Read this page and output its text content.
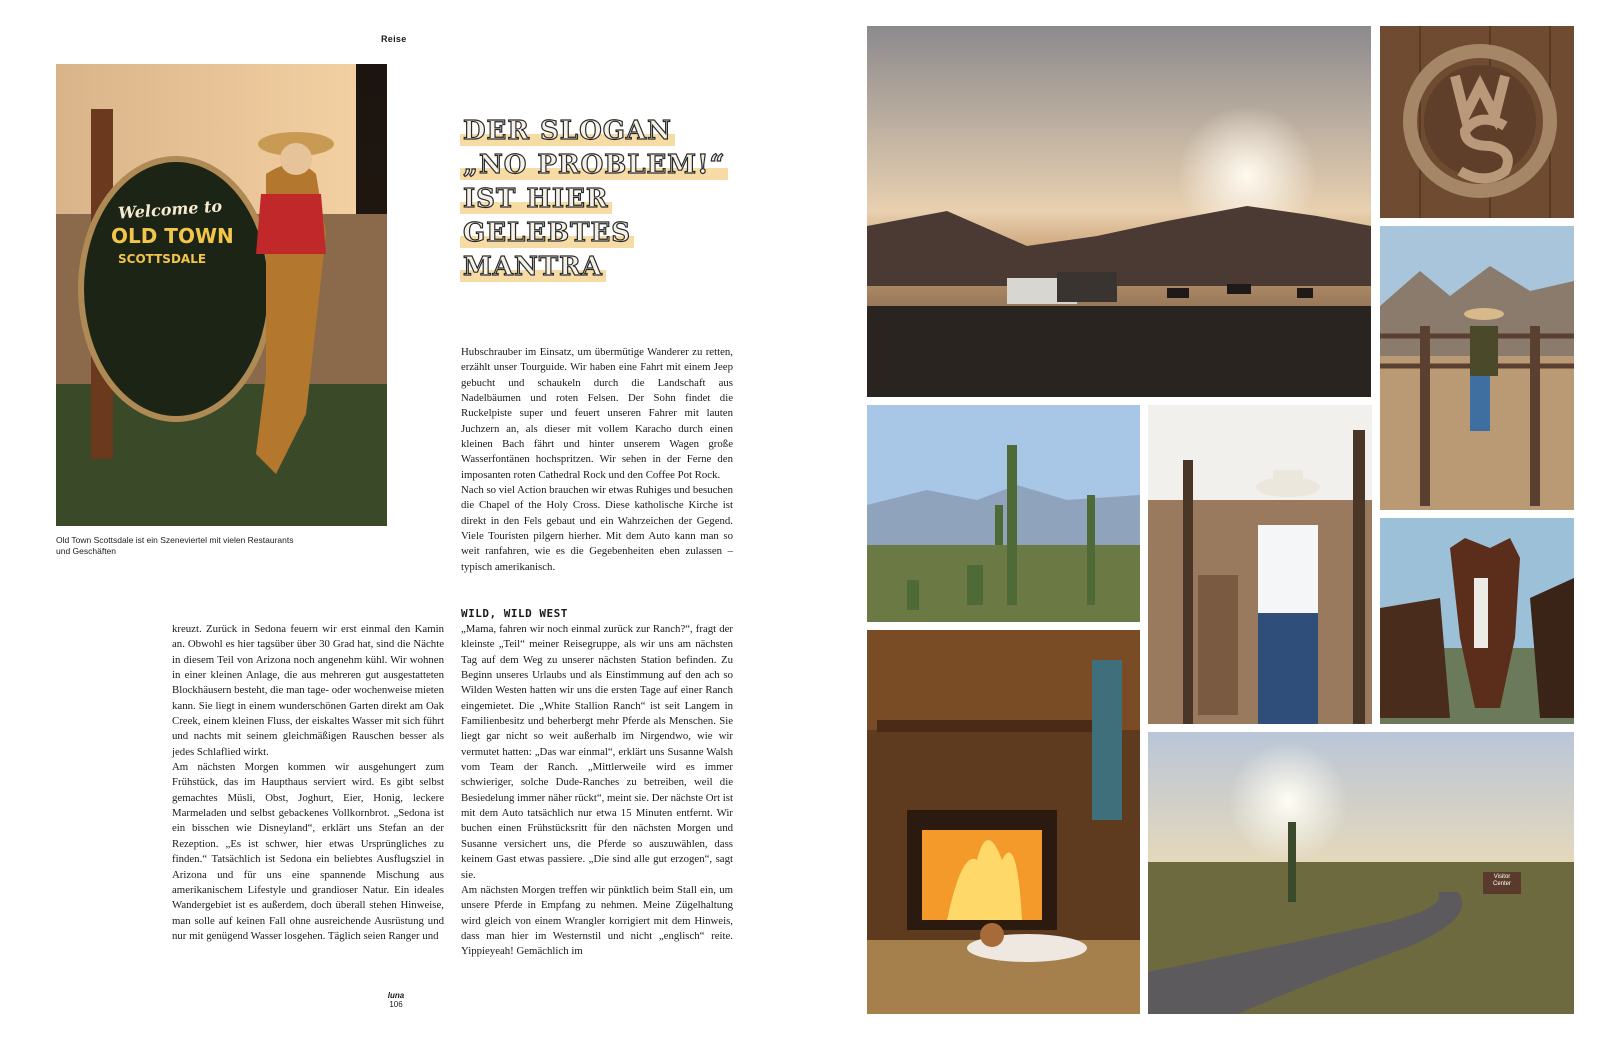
Reise
Welcome to
OLD TOWN
SCOTTSDALE
Old Town Scottsdale ist ein Szeneviertel mit vielen Restaurants und Geschäften
DER SLOGAN
„NO PROBLEM!“
IST HIER
GELEBTES
MANTRA

Hubschrauber im Einsatz, um übermütige Wanderer zu retten, erzählt unser Tourguide. Wir haben eine Fahrt mit einem Jeep gebucht und schaukeln durch die Landschaft aus Nadelbäumen und roten Felsen. Der Sohn findet die Ruckelpiste super und feuert unseren Fahrer mit lauten Juchzern an, als dieser mit vollem Karacho durch einen kleinen Bach fährt und hinter unserem Wagen große Wasserfontänen hochspritzen. Wir sehen in der Ferne den imposanten roten Cathedral Rock und den Coffee Pot Rock.

Nach so viel Action brauchen wir etwas Ruhiges und besuchen die Chapel of the Holy Cross. Diese katholische Kirche ist direkt in den Fels gebaut und ein Wahrzeichen der Gegend. Viele Touristen pilgern hierher. Mit dem Auto kann man so weit ranfahren, wie es die Gegebenheiten eben zulassen – typisch amerikanisch.

WILD, WILD WEST

„Mama, fahren wir noch einmal zurück zur Ranch?“, fragt der kleinste „Teil“ meiner Reisegruppe, als wir uns am nächsten Tag auf dem Weg zu unserer nächsten Station befinden. Zu Beginn unseres Urlaubs und als Einstimmung auf den ach so Wilden Westen hatten wir uns die ersten Tage auf einer Ranch eingemietet. Die „White Stallion Ranch“ ist seit Langem in Familienbesitz und beherbergt mehr Pferde als Menschen. Sie liegt gar nicht so weit außerhalb im Nirgendwo, wie wir vermutet hatten: „Das war einmal“, erklärt uns Susanne Walsh vom Team der Ranch. „Mittlerweile wird es immer schwieriger, solche Dude-Ranches zu betreiben, weil die Besiedelung immer näher rückt“, meint sie. Der nächste Ort ist mit dem Auto tatsächlich nur etwa 15 Minuten entfernt. Wir buchen einen Frühstücksritt für den nächsten Morgen und Susanne versichert uns, die Pferde so auszuwählen, dass keinem Gast etwas passiere. „Die sind alle gut erzogen“, sagt sie.

Am nächsten Morgen treffen wir pünktlich beim Stall ein, um unsere Pferde in Empfang zu nehmen. Meine Zügelhaltung wird gleich von einem Wrangler korrigiert mit dem Hinweis, dass man hier im Westernstil und nicht „englisch“ reite. Yippieyeah! Gemächlich im

kreuzt. Zurück in Sedona feuern wir erst einmal den Kamin an. Obwohl es hier tagsüber über 30 Grad hat, sind die Nächte in diesem Teil von Arizona noch angenehm kühl. Wir wohnen in einer kleinen Anlage, die aus mehreren gut ausgestatteten Blockhäusern besteht, die man tage- oder wochenweise mieten kann. Sie liegt in einem wunderschönen Garten direkt am Oak Creek, einem kleinen Fluss, der eiskaltes Wasser mit sich führt und nachts mit seinem gleichmäßigen Rauschen besser als jedes Schlaflied wirkt.

Am nächsten Morgen kommen wir ausgehungert zum Frühstück, das im Haupthaus serviert wird. Es gibt selbst gemachtes Müsli, Obst, Joghurt, Eier, Honig, leckere Marmeladen und selbst gebackenes Vollkornbrot. „Sedona ist ein bisschen wie Disneyland“, erklärt uns Stefan an der Rezeption. „Es ist schwer, hier etwas Ursprüngliches zu finden.“ Tatsächlich ist Sedona ein beliebtes Ausflugsziel in Arizona und für uns eine spannende Mischung aus amerikanischem Lifestyle und grandioser Natur. Ein ideales Wandergebiet ist es außerdem, doch überall stehen Hinweise, man solle auf keinen Fall ohne ausreichende Ausrüstung und nur mit genügend Wasser losgehen. Täglich seien Ranger und

luna
106
Visitor
Center
